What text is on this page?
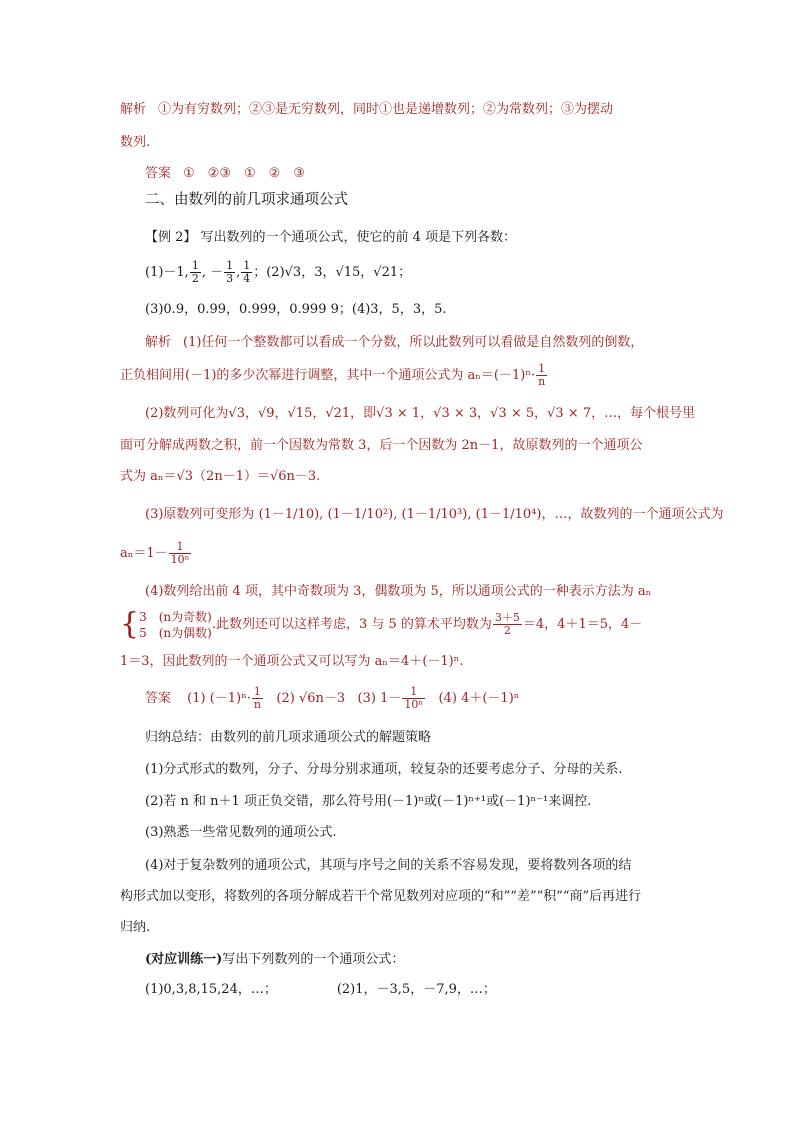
解析 ①为有穷数列；②③是无穷数列，同时①也是递增数列；②为常数列；③为摆动
数列.
答案 ①　②③　①　②　③
二、由数列的前几项求通项公式
【例 2】 写出数列的一个通项公式，使它的前 4 项是下列各数：
(1)－1, $\frac{1}{2}$ , － $\frac{1}{3}$ , $\frac{1}{4}$ ；(2)√3，3，√15，√21；
(3)0.9，0.99，0.999，0.999 9；(4)3，5，3，5.
解析 (1)任何一个整数都可以看成一个分数，所以此数列可以看做是自然数列的倒数，
正负相间用(－1)的多少次幂进行调整，其中一个通项公式为 $a_n=(-1)^n\cdot \frac{1}{n}$
(2)数列可化为√3，√9，√15，√21，即√3 × 1，√3 × 3，√3 × 5，√3 × 7，…，每个根号里
面可分解成两数之积，前一个因数为常数 3，后一个因数为 2n－1，故原数列的一个通项公
式为 aₙ＝√3（2n－1）＝√6n－3.
(3)原数列可变形为 (1－1/10), (1－1/10²), (1－1/10³), (1－1/10⁴)，…，故数列的一个通项公式为
$a_n=1- \frac{1}{\text{10ⁿ}}$
(4)数列给出前 4 项，其中奇数项为 3，偶数项为 5，所以通项公式的一种表示方法为 aₙ
{ 3　(n为奇数)
5　(n为偶数)
.此数列还可以这样考虑，3 与 5 的算术平均数为 $\frac{3+5}{2} =4$，4＋1＝5，4－
1＝3，因此数列的一个通项公式又可以写为 aₙ＝4＋(－1)ⁿ.
答案 (1) $(-1)^n\cdot \frac{1}{n} (2)$ √6n－3 (3) $1- \frac{1}{\text{10ⁿ}} (4)$ 4＋(－1)ⁿ
归纳总结：由数列的前几项求通项公式的解题策略
(1)分式形式的数列，分子、分母分别求通项，较复杂的还要考虑分子、分母的关系.
(2)若 n 和 n＋1 项正负交错，那么符号用(－1)ⁿ或(－1)ⁿ⁺¹或(－1)ⁿ⁻¹来调控.
(3)熟悉一些常见数列的通项公式.
(4)对于复杂数列的通项公式，其项与序号之间的关系不容易发现，要将数列各项的结
构形式加以变形，将数列的各项分解成若干个常见数列对应项的“和”“差”“积”“商”后再进行
归纳.
(对应训练一)写出下列数列的一个通项公式：
(1)0,3,8,15,24，…；	(2)1，－3,5，－7,9，…；
